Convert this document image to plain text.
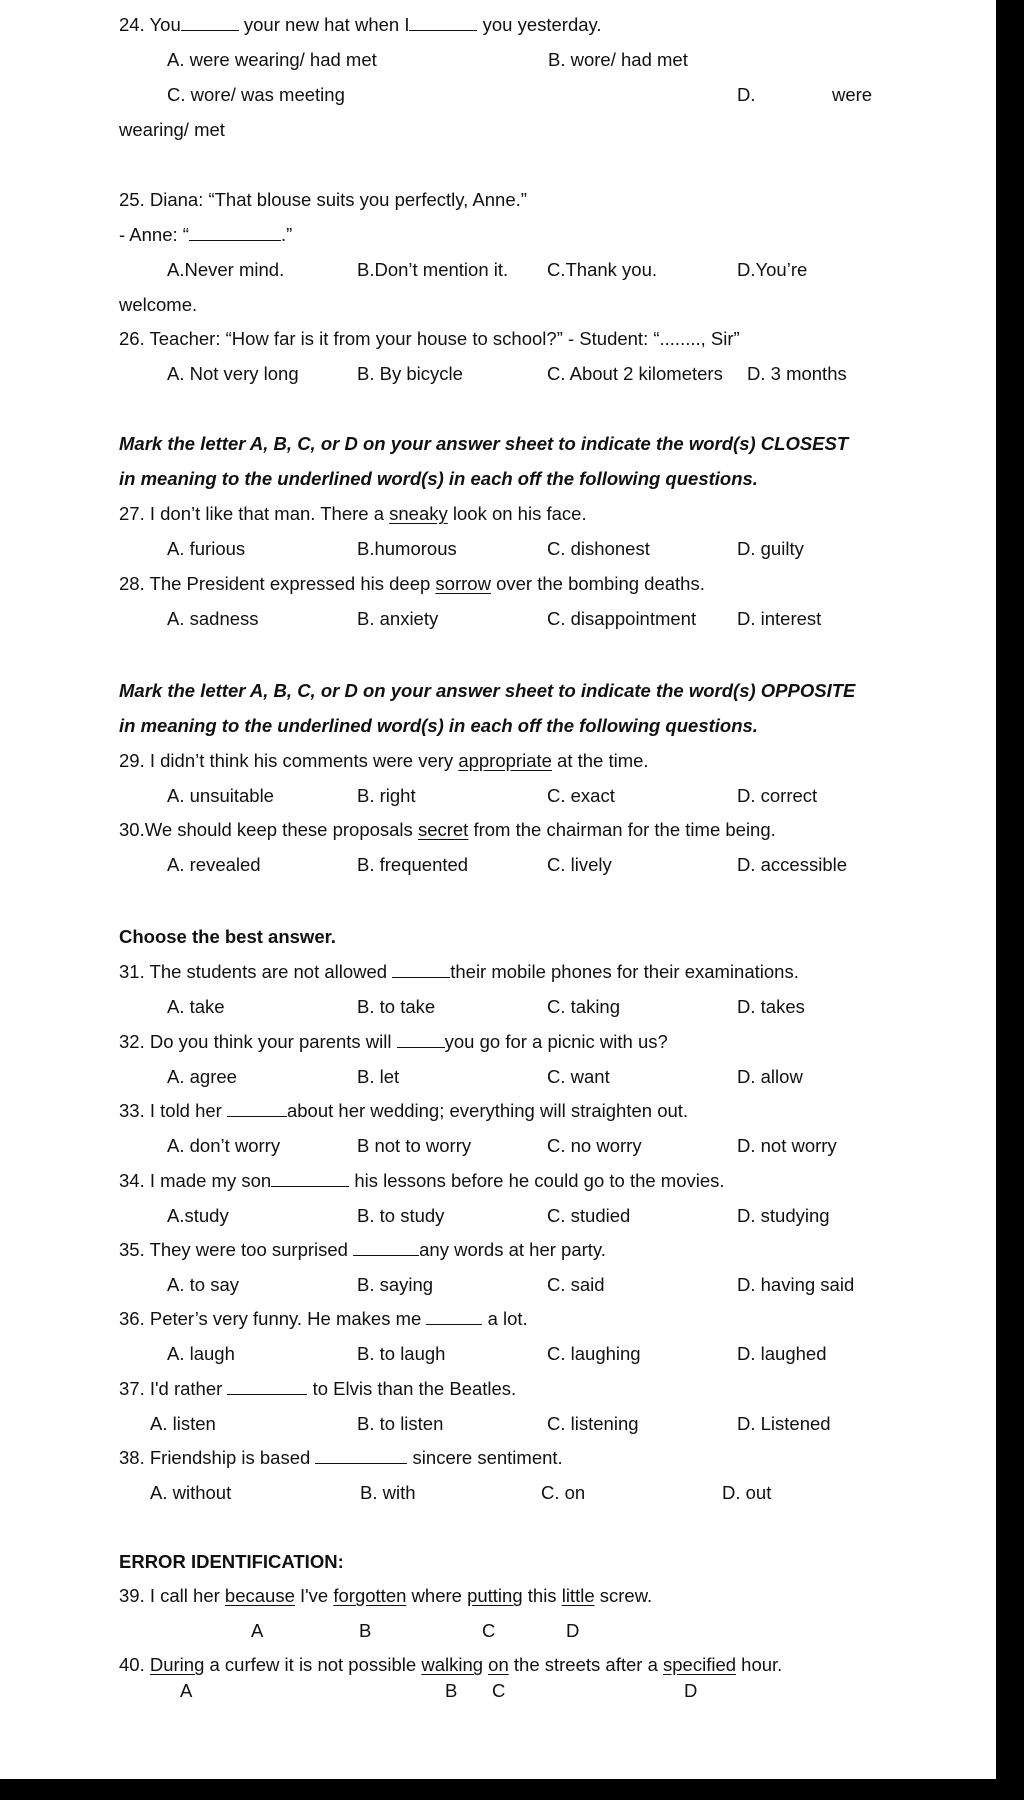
24. You	your new hat when I	you yesterday.
A. were wearing/ had met	B. wore/ had met
C. wore/ was meeting	D.	were
wearing/ met
25. Diana: “That blouse suits you perfectly, Anne.”
- Anne: “	.”
A.Never mind.	B.Don’t mention it. C.Thank you.	D.You’re
welcome.
26. Teacher: “How far is it from your house to school?” - Student: “........, Sir”
A. Not very long	B. By bicycle	C. About 2 kilometers D. 3 months
Mark the letter A, B, C, or D on your answer sheet to indicate the word(s) CLOSEST
in meaning to the underlined word(s) in each off the following questions.
27. I don’t like that man. There a sneaky look on his face.
A. furious	B.humorous	C. dishonest	D. guilty
28. The President expressed his deep sorrow over the bombing deaths.
A. sadness	B. anxiety	C. disappointment D. interest
Mark the letter A, B, C, or D on your answer sheet to indicate the word(s) OPPOSITE
in meaning to the underlined word(s) in each off the following questions.
29. I didn’t think his comments were very appropriate at the time.
A. unsuitable	B. right	C. exact	D. correct
30.We should keep these proposals secret from the chairman for the time being.
A. revealed	B. frequented	C. lively	D. accessible
Choose the best answer.
31. The students are not allowed	their mobile phones for their examinations.
A. take	B. to take	C. taking	D. takes
32. Do you think your parents will	you go for a picnic with us?
A. agree	B. let	C. want	D. allow
33. I told her	about her wedding; everything will straighten out.
A. don’t worry	B not to worry	C. no worry	D. not worry
34. I made my son	his lessons before he could go to the movies.
A.study	B. to study	C. studied	D. studying
35. They were too surprised	any words at her party.
A. to say	B. saying	C. said	D. having said
36. Peter’s very funny. He makes me	a lot.
A. laugh	B. to laugh	C. laughing	D. laughed
37. I'd rather	to Elvis than the Beatles.
A. listen	B. to listen	C. listening	D. Listened
38. Friendship is based	sincere sentiment.
A. without	B. with	C. on	D. out
ERROR IDENTIFICATION:
39. I call her because I've forgotten where putting this little screw.
A	B	C	D
40. During a curfew it is not possible walking on the streets after a specified hour.
A	B C	D
